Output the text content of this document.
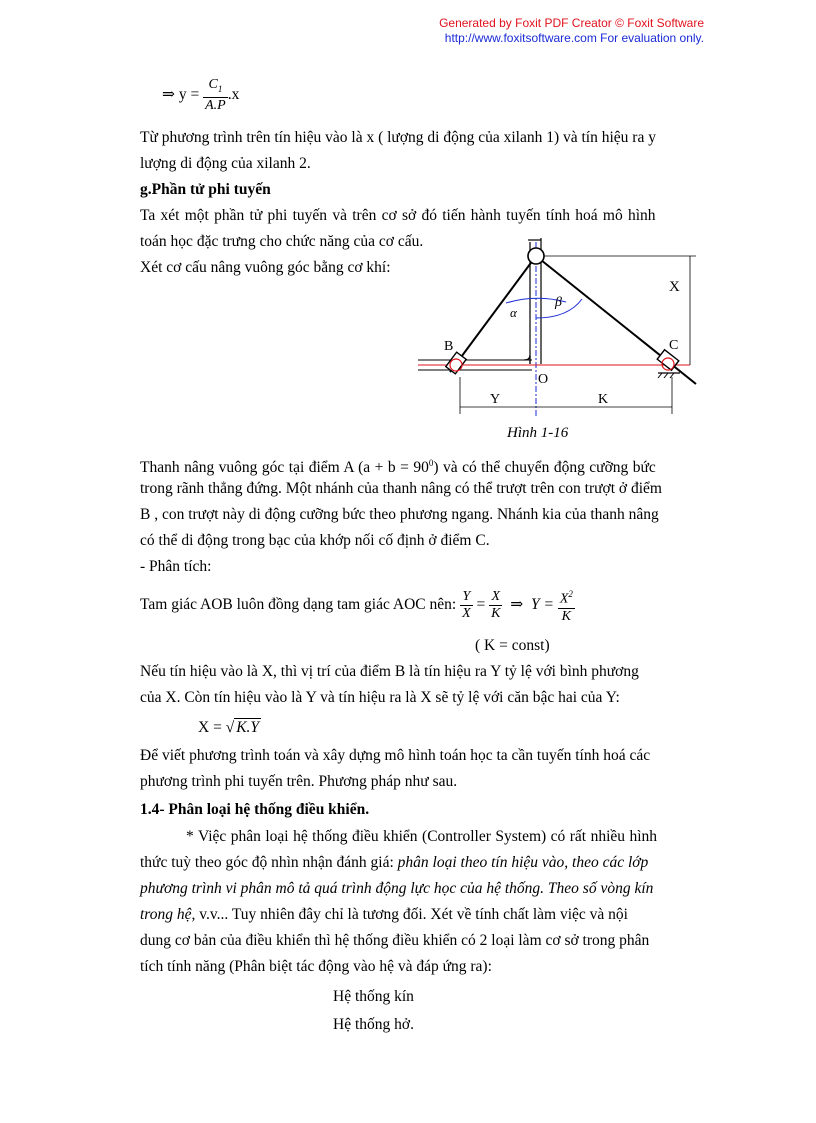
Generated by Foxit PDF Creator © Foxit Software
http://www.foxitsoftware.com For evaluation only.
⇒ $y = \frac{C_1}{A.P} .x$
Từ phương trình trên tín hiệu vào là x ( lượng di động của xilanh 1) và tín hiệu ra y
lượng di động của xilanh 2.
g.Phần tử phi tuyến
Ta xét một phần tử phi tuyến và trên cơ sở đó tiến hành tuyến tính hoá mô hình
toán học đặc trưng cho chức năng của cơ cấu.
Xét cơ cấu nâng vuông góc bằng cơ khí:
X
β
α
B	C
O
Y	K
Hình 1-16
Thanh nâng vuông góc tại điểm A $(a + b = 90^0)$ và có thể chuyển động cưỡng bức
trong rãnh thẳng đứng. Một nhánh của thanh nâng có thể trượt trên con trượt ở điểm
B , con trượt này di động cưỡng bức theo phương ngang. Nhánh kia của thanh nâng
có thể di động trong bạc của khớp nối cố định ở điểm C.
- Phân tích:
Tam giác AOB luôn đồng dạng tam giác AOC nên: $\frac{Y}{X} = \frac{X}{K}$ ⇒ $Y = \frac{X^2}{K}$
( K = const)
Nếu tín hiệu vào là X, thì vị trí của điểm B là tín hiệu ra Y tỷ lệ với bình phương
của X. Còn tín hiệu vào là Y và tín hiệu ra là X sẽ tỷ lệ với căn bậc hai của Y:
X = √ K.Y
Để viết phương trình toán và xây dựng mô hình toán học ta cần tuyến tính hoá các
phương trình phi tuyến trên. Phương pháp như sau.
1.4- Phân loại hệ thống điều khiển.
* Việc phân loại hệ thống điều khiển (Controller System) có rất nhiều hình
thức tuỳ theo góc độ nhìn nhận đánh giá: phân loại theo tín hiệu vào, theo các lớp
phương trình vi phân mô tả quá trình động lực học của hệ thống. Theo số vòng kín
trong hệ, v.v... Tuy nhiên đây chỉ là tương đối. Xét về tính chất làm việc và nội
dung cơ bản của điều khiển thì hệ thống điều khiển có 2 loại làm cơ sở trong phân
tích tính năng (Phân biệt tác động vào hệ và đáp ứng ra):
Hệ thống kín
Hệ thống hở.
